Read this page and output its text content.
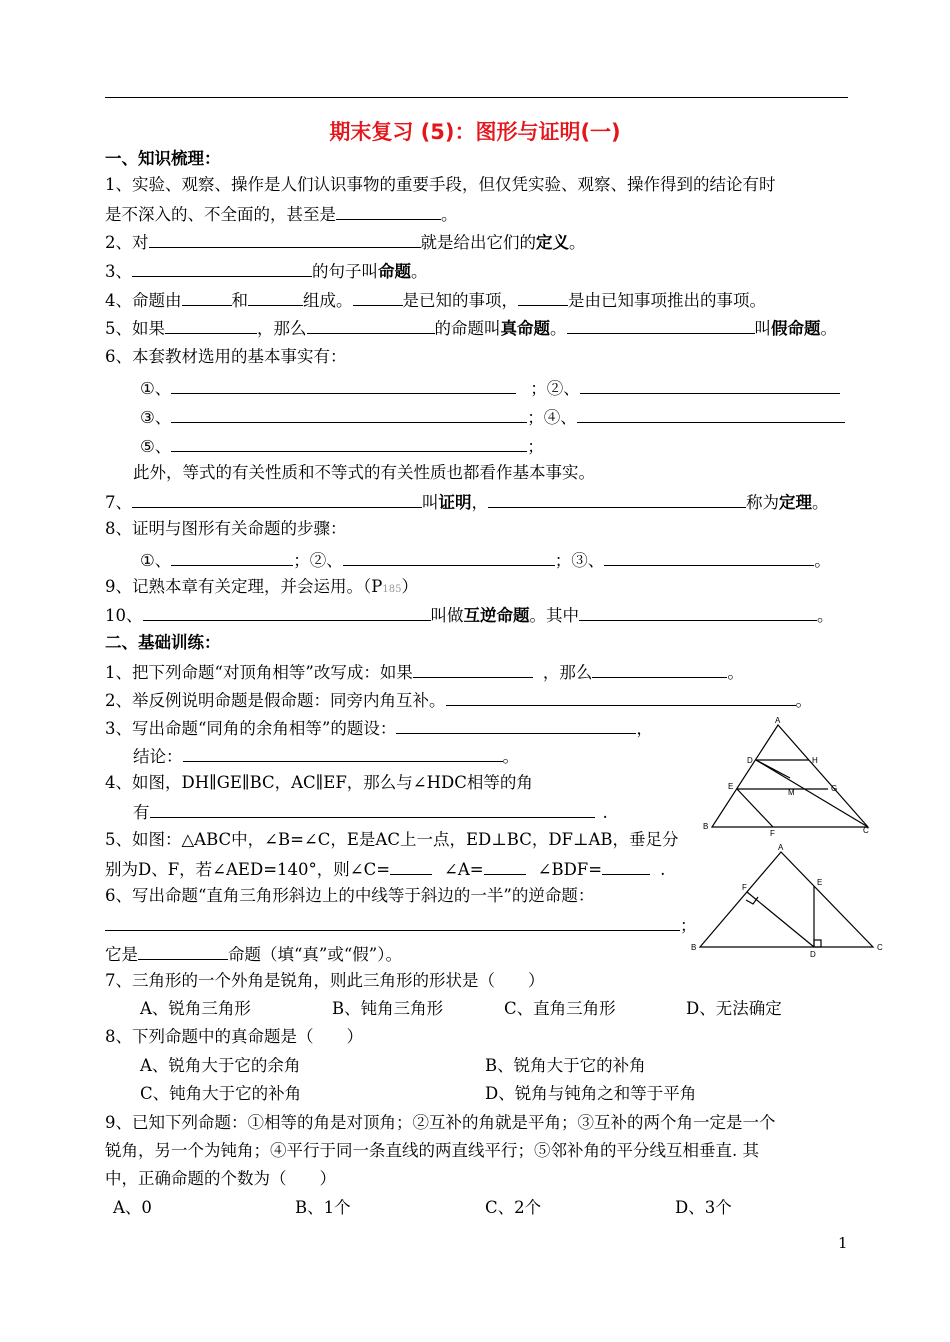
期末复习 (5)：图形与证明(一)
一、知识梳理：
1、实验、观察、操作是人们认识事物的重要手段，但仅凭实验、观察、操作得到的结论有时
是不深入的、不全面的，甚至是	。
2、对	就是给出它们的定义。
3、	的句子叫命题。
4、命题由	和	组成。	是已知的事项，	是由已知事项推出的事项。
5、如果	，那么	的命题叫真命题。	叫假命题。
6、本套教材选用的基本事实有：
①、	；②、
③、	；④、
⑤、	；
此外，等式的有关性质和不等式的有关性质也都看作基本事实。
7、	叫证明，	称为定理。
8、证明与图形有关命题的步骤：
①、	；②、	；③、	。
9、记熟本章有关定理，并会运用。（P185）
10、	叫做互逆命题。其中	。
二、基础训练：
1、把下列命题“对顶角相等”改写成：如果	，那么	。
2、举反例说明命题是假命题：同旁内角互补。	。
3、写出命题“同角的余角相等”的题设：	，
结论：	。
4、如图，DH∥GE∥BC，AC∥EF，那么与∠HDC相等的角
有	.
5、如图：△ABC中，∠B=∠C，E是AC上一点，ED⊥BC，DF⊥AB，垂足分
别为D、F，若∠AED=140°，则∠C=	∠A=	∠BDF=	.
6、写出命题“直角三角形斜边上的中线等于斜边的一半”的逆命题：
；
它是	命题（填“真”或“假”）。
7、三角形的一个外角是锐角，则此三角形的形状是（　　）
A、锐角三角形	B、钝角三角形	C、直角三角形	D、无法确定
8、下列命题中的真命题是（　　）
A、锐角大于它的余角	B、锐角大于它的补角
C、钝角大于它的补角	D、锐角与钝角之和等于平角
9、已知下列命题：①相等的角是对顶角；②互补的角就是平角；③互补的两个角一定是一个
锐角，另一个为钝角；④平行于同一条直线的两直线平行；⑤邻补角的平分线互相垂直. 其
中，正确命题的个数为（　　）
A、0	B、1个	C、2个	D、3个
1
A
D	H
E	G
M
B
F	C
A
F
E
B
D
C
